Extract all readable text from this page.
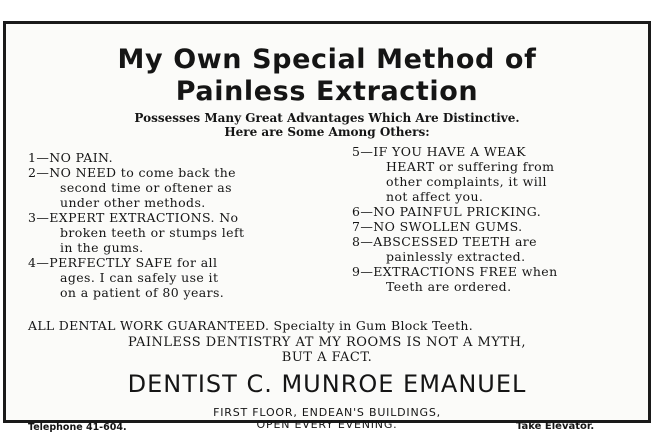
My Own Special Method of
Painless Extraction
Possesses Many Great Advantages Which Are Distinctive.
Here are Some Among Others:
1—NO PAIN.
2—NO NEED to come back the
second time or oftener as
under other methods.
3—EXPERT EXTRACTIONS. No
broken teeth or stumps left
in the gums.
4—PERFECTLY SAFE for all
ages. I can safely use it
on a patient of 80 years.
5—IF YOU HAVE A WEAK
HEART or suffering from
other complaints, it will
not affect you.
6—NO PAINFUL PRICKING.
7—NO SWOLLEN GUMS.
8—ABSCESSED TEETH are
painlessly extracted.
9—EXTRACTIONS FREE when
Teeth are ordered.
ALL DENTAL WORK GUARANTEED. Specialty in Gum Block Teeth.
PAINLESS DENTISTRY AT MY ROOMS IS NOT A MYTH,
BUT A FACT.
DENTIST C. MUNROE EMANUEL
FIRST FLOOR, ENDEAN'S BUILDINGS,
OPEN EVERY EVENING.
Telephone 41-604.	Take Elevator.
